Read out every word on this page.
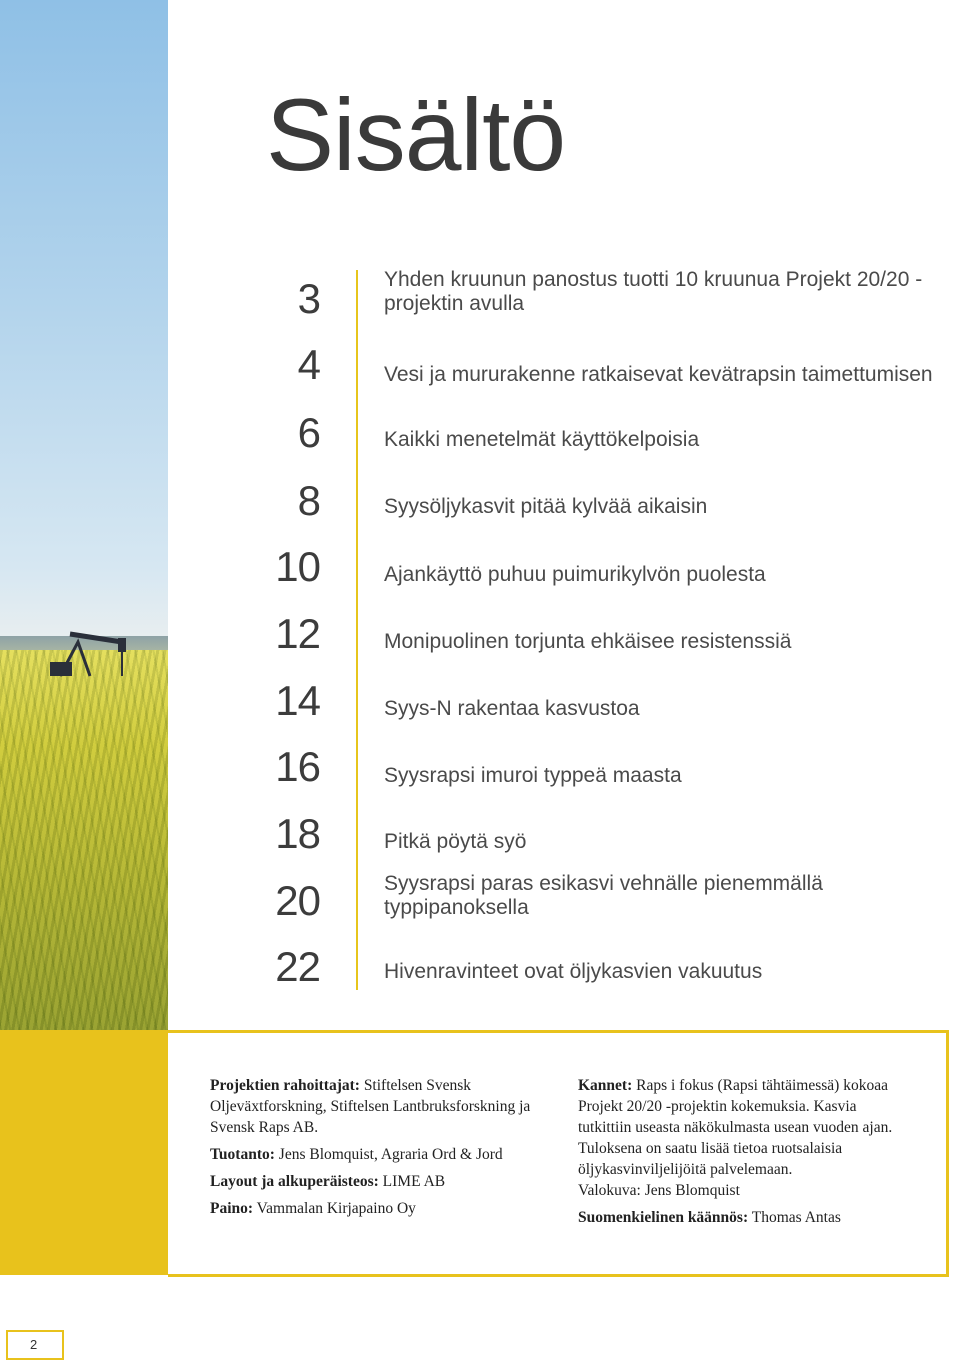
Sisältö
3	Yhden kruunun panostus tuotti 10 kruunua Projekt 20/20 -projektin avulla
4	Vesi ja mururakenne ratkaisevat kevätrapsin taimettumisen
6	Kaikki menetelmät käyttökelpoisia
8	Syysöljykasvit pitää kylvää aikaisin
10	Ajankäyttö puhuu puimurikylvön puolesta
12	Monipuolinen torjunta ehkäisee resistenssiä
14	Syys-N rakentaa kasvustoa
16	Syysrapsi imuroi typpeä maasta
18	Pitkä pöytä syö
20	Syysrapsi paras esikasvi vehnälle pienemmällä typpipanoksella
22	Hivenravinteet ovat öljykasvien vakuutus

Projektien rahoittajat: Stiftelsen Svensk Oljeväxtforskning, Stiftelsen Lantbruksforskning ja Svensk Raps AB.

Tuotanto: Jens Blomquist, Agraria Ord & Jord

Layout ja alkuperäisteos: LIME AB

Paino: Vammalan Kirjapaino Oy

Kannet: Raps i fokus (Rapsi tähtäimessä) kokoaa Projekt 20/20 -projektin kokemuksia. Kasvia tutkittiin useasta näkökulmasta usean vuoden ajan. Tuloksena on saatu lisää tietoa ruotsalaisia öljykasvinviljelijöitä palvelemaan.

Valokuva: Jens Blomquist

Suomenkielinen käännös: Thomas Antas

2
